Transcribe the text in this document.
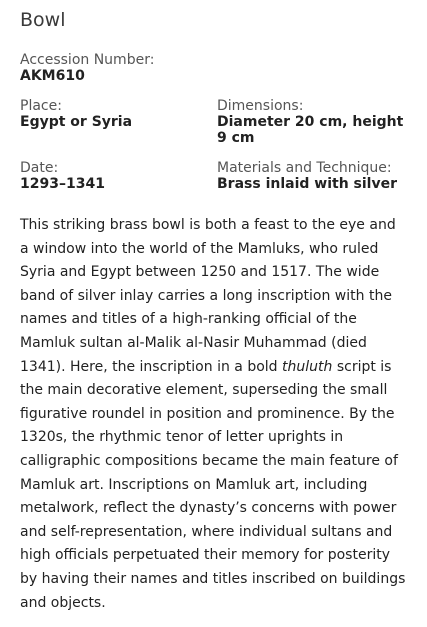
Bowl
Accession Number:
AKM610
Place:
Egypt or Syria
Dimensions:
Diameter 20 cm, height 9 cm
Date:
1293–1341
Materials and Technique:
Brass inlaid with silver

This striking brass bowl is both a feast to the eye and a window into the world of the Mamluks, who ruled Syria and Egypt between 1250 and 1517. The wide band of silver inlay carries a long inscription with the names and titles of a high-ranking official of the Mamluk sultan al-Malik al-Nasir Muhammad (died 1341). Here, the inscription in a bold thuluth script is the main decorative element, superseding the small figurative roundel in position and prominence. By the 1320s, the rhythmic tenor of letter uprights in calligraphic compositions became the main feature of Mamluk art. Inscriptions on Mamluk art, including metalwork, reflect the dynasty’s concerns with power and self-representation, where individual sultans and high officials perpetuated their memory for posterity by having their names and titles inscribed on buildings and objects.
